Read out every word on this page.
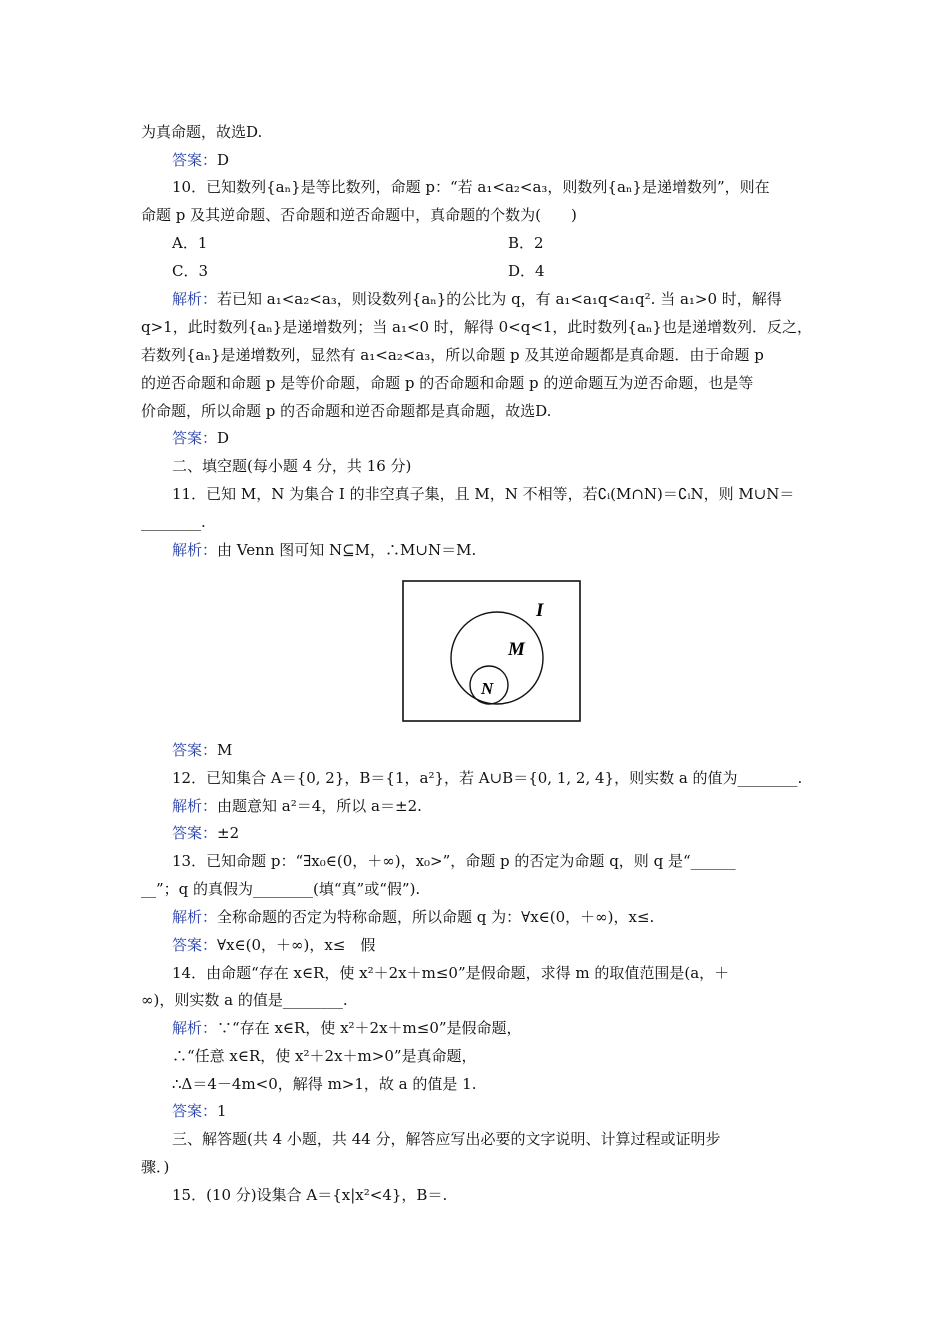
为真命题，故选D.
答案：D
10．已知数列{aₙ}是等比数列，命题 p：“若 a₁<a₂<a₃，则数列{aₙ}是递增数列”，则在
命题 p 及其逆命题、否命题和逆否命题中，真命题的个数为(　　)
A．1	B．2
C．3	D．4
解析：若已知 a₁<a₂<a₃，则设数列{aₙ}的公比为 q，有 a₁<a₁q<a₁q². 当 a₁>0 时，解得
q>1，此时数列{aₙ}是递增数列；当 a₁<0 时，解得 0<q<1，此时数列{aₙ}也是递增数列．反之，
若数列{aₙ}是递增数列，显然有 a₁<a₂<a₃，所以命题 p 及其逆命题都是真命题．由于命题 p
的逆否命题和命题 p 是等价命题，命题 p 的否命题和命题 p 的逆命题互为逆否命题，也是等
价命题，所以命题 p 的否命题和逆否命题都是真命题，故选D.
答案：D
二、填空题(每小题 4 分，共 16 分)
11．已知 M，N 为集合 I 的非空真子集，且 M，N 不相等，若∁ᵢ(M∩N)＝∁ᵢN，则 M∪N＝
________.
解析：由 Venn 图可知 N⊆M，∴M∪N＝M.
I
M
N
答案：M
12．已知集合 A＝{0, 2}，B＝{1，a²}，若 A∪B＝{0, 1, 2, 4}，则实数 a 的值为________.
解析：由题意知 a²＝4，所以 a＝±2.
答案：±2
13．已知命题 p：“∃x₀∈(0，＋∞)，x₀>”，命题 p 的否定为命题 q，则 q 是“______
__”；q 的真假为________(填“真”或“假”).
解析：全称命题的否定为特称命题，所以命题 q 为：∀x∈(0，＋∞)，x≤.
答案：∀x∈(0，＋∞)，x≤　假
14．由命题“存在 x∈R，使 x²＋2x＋m≤0”是假命题，求得 m 的取值范围是(a，＋
∞)，则实数 a 的值是________.
解析：∵“存在 x∈R，使 x²＋2x＋m≤0”是假命题，
∴“任意 x∈R，使 x²＋2x＋m>0”是真命题，
∴Δ＝4－4m<0，解得 m>1，故 a 的值是 1.
答案：1
三、解答题(共 4 小题，共 44 分，解答应写出必要的文字说明、计算过程或证明步
骤．)
15．(10 分)设集合 A＝{x|x²<4}，B＝.
